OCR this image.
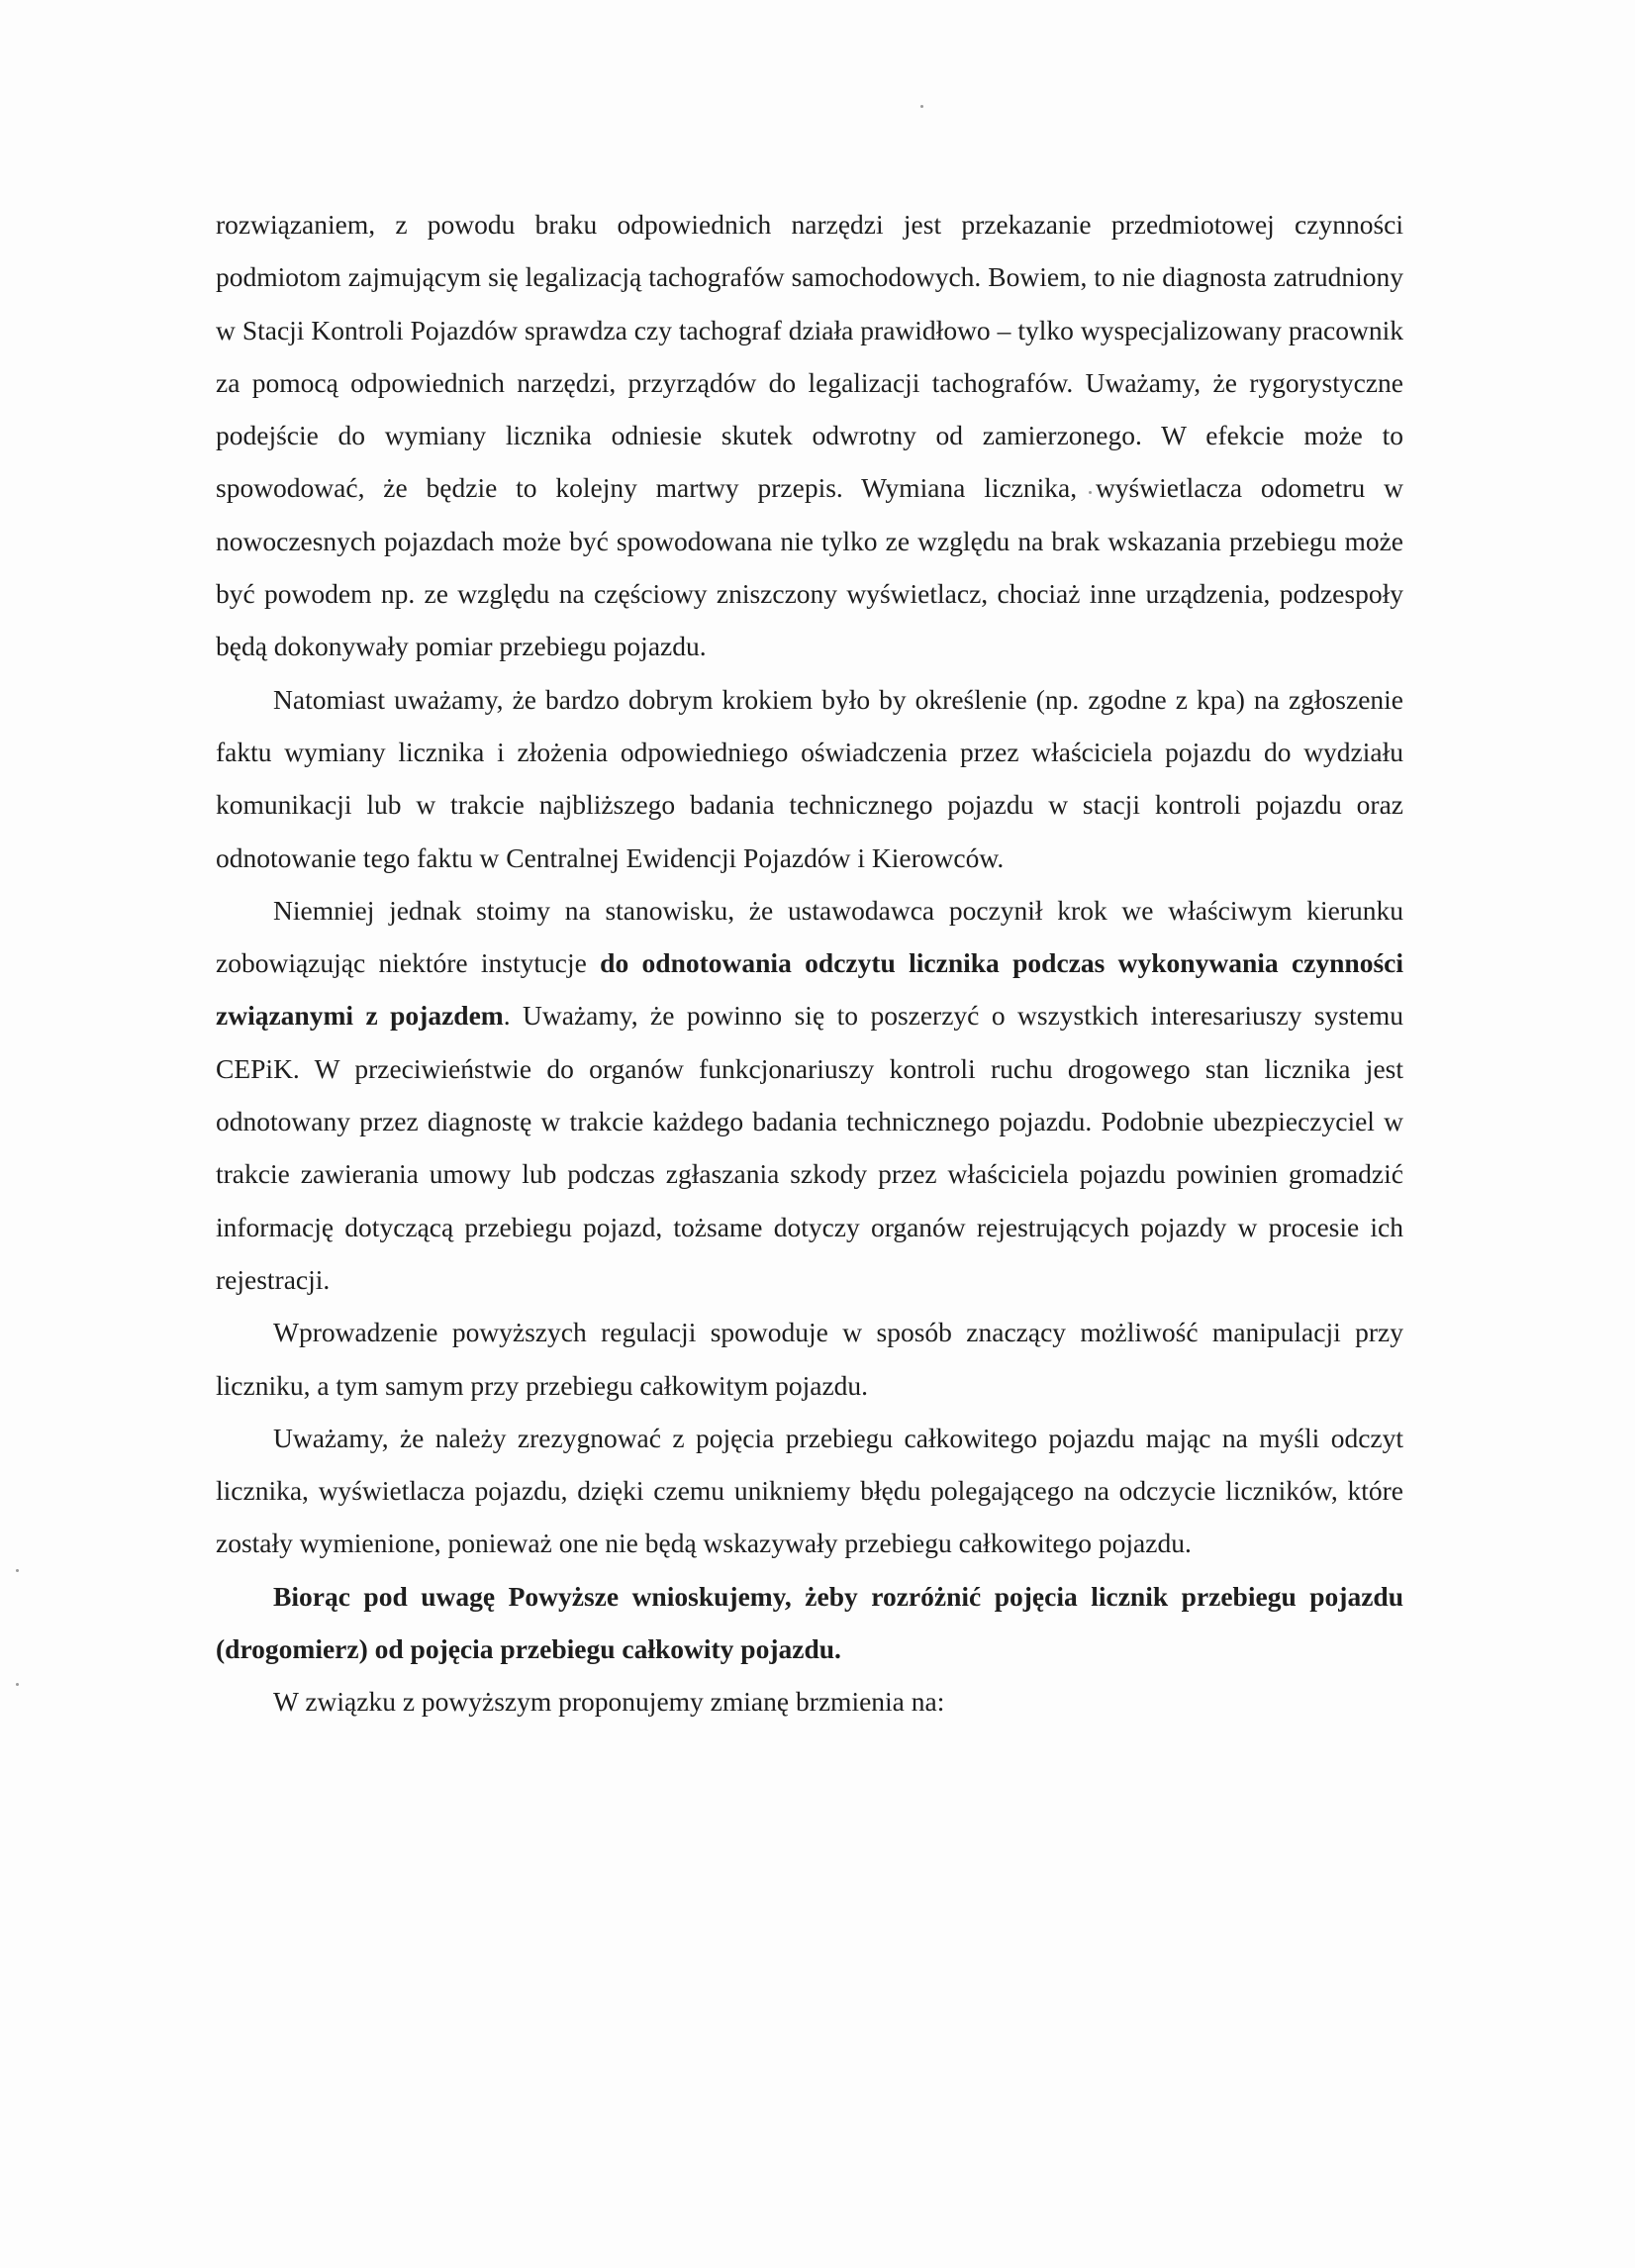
rozwiązaniem, z powodu braku odpowiednich narzędzi jest przekazanie przedmiotowej czynności podmiotom zajmującym się legalizacją tachografów samochodowych. Bowiem, to nie diagnosta zatrudniony w Stacji Kontroli Pojazdów sprawdza czy tachograf działa prawidłowo – tylko wyspecjalizowany pracownik za pomocą odpowiednich narzędzi, przyrządów do legalizacji tachografów. Uważamy, że rygorystyczne podejście do wymiany licznika odniesie skutek odwrotny od zamierzonego. W efekcie może to spowodować, że będzie to kolejny martwy przepis. Wymiana licznika, wyświetlacza odometru w nowoczesnych pojazdach może być spowodowana nie tylko ze względu na brak wskazania przebiegu może być powodem np. ze względu na częściowy zniszczony wyświetlacz, chociaż inne urządzenia, podzespoły będą dokonywały pomiar przebiegu pojazdu.

Natomiast uważamy, że bardzo dobrym krokiem było by określenie (np. zgodne z kpa) na zgłoszenie faktu wymiany licznika i złożenia odpowiedniego oświadczenia przez właściciela pojazdu do wydziału komunikacji lub w trakcie najbliższego badania technicznego pojazdu w stacji kontroli pojazdu oraz odnotowanie tego faktu w Centralnej Ewidencji Pojazdów i Kierowców.

Niemniej jednak stoimy na stanowisku, że ustawodawca poczynił krok we właściwym kierunku zobowiązując niektóre instytucje do odnotowania odczytu licznika podczas wykonywania czynności związanymi z pojazdem. Uważamy, że powinno się to poszerzyć o wszystkich interesariuszy systemu CEPiK. W przeciwieństwie do organów funkcjonariuszy kontroli ruchu drogowego stan licznika jest odnotowany przez diagnostę w trakcie każdego badania technicznego pojazdu. Podobnie ubezpieczyciel w trakcie zawierania umowy lub podczas zgłaszania szkody przez właściciela pojazdu powinien gromadzić informację dotyczącą przebiegu pojazd, tożsame dotyczy organów rejestrujących pojazdy w procesie ich rejestracji.

Wprowadzenie powyższych regulacji spowoduje w sposób znaczący możliwość manipulacji przy liczniku, a tym samym przy przebiegu całkowitym pojazdu.

Uważamy, że należy zrezygnować z pojęcia przebiegu całkowitego pojazdu mając na myśli odczyt licznika, wyświetlacza pojazdu, dzięki czemu unikniemy błędu polegającego na odczycie liczników, które zostały wymienione, ponieważ one nie będą wskazywały przebiegu całkowitego pojazdu.

Biorąc pod uwagę Powyższe wnioskujemy, żeby rozróżnić pojęcia licznik przebiegu pojazdu (drogomierz) od pojęcia przebiegu całkowity pojazdu.

W związku z powyższym proponujemy zmianę brzmienia na:
